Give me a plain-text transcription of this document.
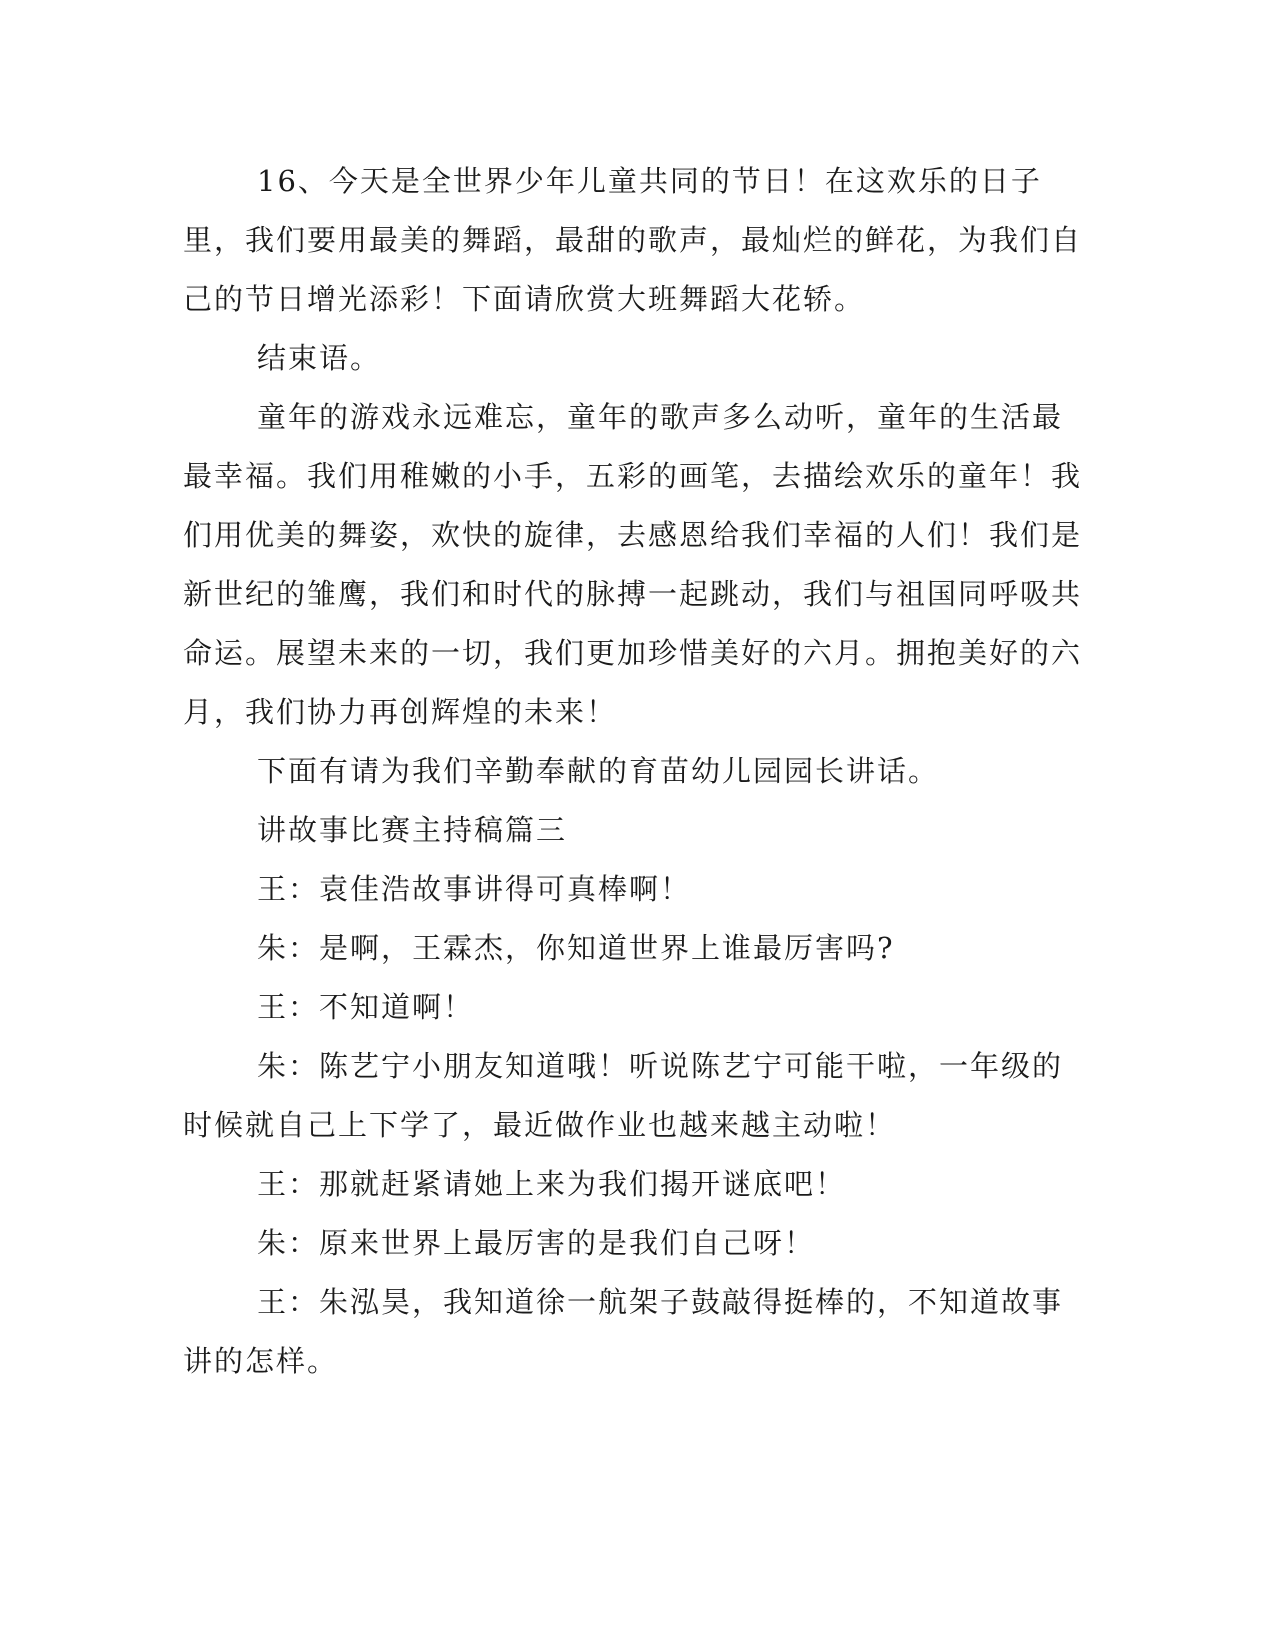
16、今天是全世界少年儿童共同的节日！在这欢乐的日子里，我们要用最美的舞蹈，最甜的歌声，最灿烂的鲜花，为我们自己的节日增光添彩！下面请欣赏大班舞蹈大花轿。

结束语。

童年的游戏永远难忘，童年的歌声多么动听，童年的生活最最幸福。我们用稚嫩的小手，五彩的画笔，去描绘欢乐的童年！我们用优美的舞姿，欢快的旋律，去感恩给我们幸福的人们！我们是新世纪的雏鹰，我们和时代的脉搏一起跳动，我们与祖国同呼吸共命运。展望未来的一切，我们更加珍惜美好的六月。拥抱美好的六月，我们协力再创辉煌的未来！

下面有请为我们辛勤奉献的育苗幼儿园园长讲话。

讲故事比赛主持稿篇三

王：袁佳浩故事讲得可真棒啊！

朱：是啊，王霖杰，你知道世界上谁最厉害吗?

王：不知道啊！

朱：陈艺宁小朋友知道哦！听说陈艺宁可能干啦，一年级的时候就自己上下学了，最近做作业也越来越主动啦！

王：那就赶紧请她上来为我们揭开谜底吧！

朱：原来世界上最厉害的是我们自己呀！

王：朱泓昊，我知道徐一航架子鼓敲得挺棒的，不知道故事讲的怎样。
